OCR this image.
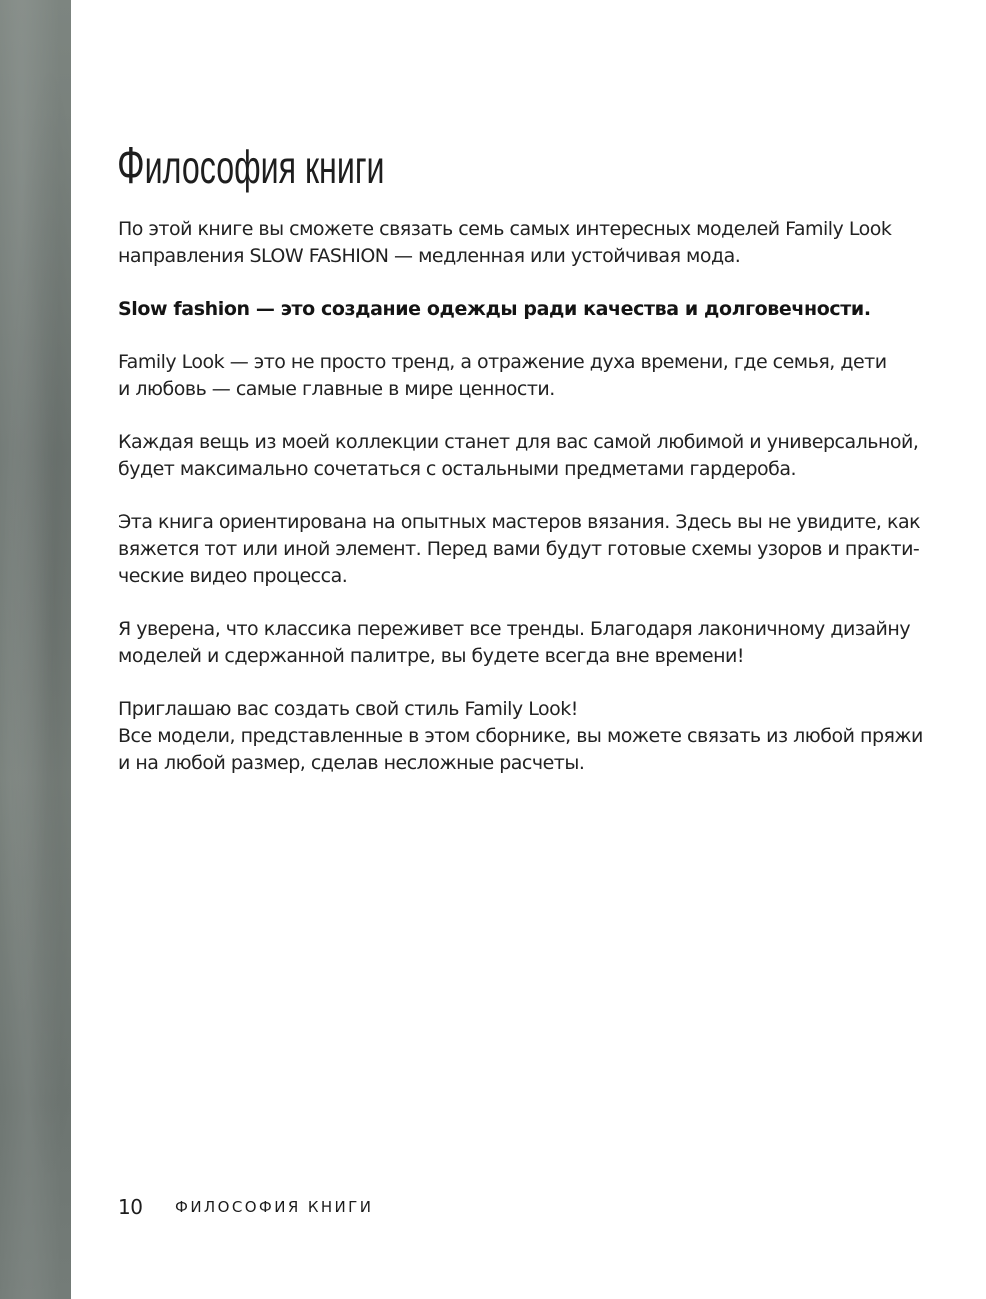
Философия книги

По этой книге вы сможете связать семь самых интересных моделей Family Look
направления SLOW FASHION — медленная или устойчивая мода.

Slow fashion — это создание одежды ради качества и долговечности.

Family Look — это не просто тренд, а отражение духа времени, где семья, дети
и любовь — самые главные в мире ценности.

Каждая вещь из моей коллекции станет для вас самой любимой и универсальной,
будет максимально сочетаться с остальными предметами гардероба.

Эта книга ориентирована на опытных мастеров вязания. Здесь вы не увидите, как
вяжется тот или иной элемент. Перед вами будут готовые схемы узоров и практи-
ческие видео процесса.

Я уверена, что классика переживет все тренды. Благодаря лаконичному дизайну
моделей и сдержанной палитре, вы будете всегда вне времени!

Приглашаю вас создать свой стиль Family Look!
Все модели, представленные в этом сборнике, вы можете связать из любой пряжи
и на любой размер, сделав несложные расчеты.

10	ФИЛОСОФИЯ КНИГИ
